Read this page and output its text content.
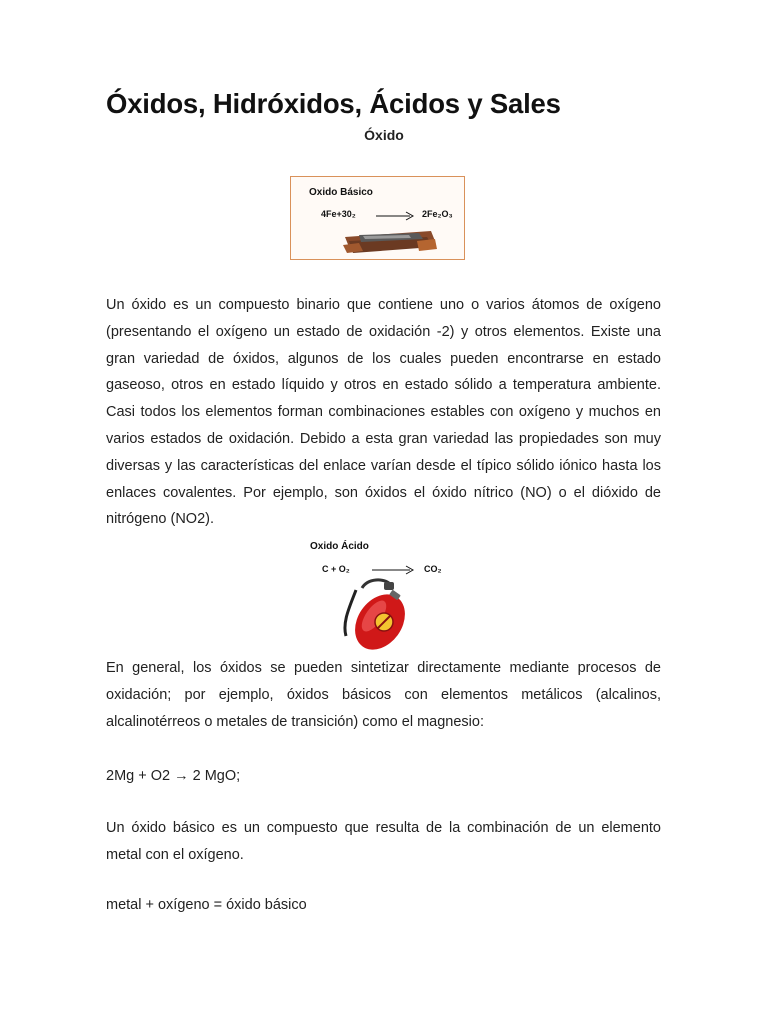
Óxidos, Hidróxidos, Ácidos y Sales
Óxido
Oxido Básico
4Fe+30₂ → 2Fe₂O₃

Un óxido es un compuesto binario que contiene uno o varios átomos de oxígeno (presentando el oxígeno un estado de oxidación -2) y otros elementos. Existe una gran variedad de óxidos, algunos de los cuales pueden encontrarse en estado gaseoso, otros en estado líquido y otros en estado sólido a temperatura ambiente. Casi todos los elementos forman combinaciones estables con oxígeno y muchos en varios estados de oxidación. Debido a esta gran variedad las propiedades son muy diversas y las características del enlace varían desde el típico sólido iónico hasta los enlaces covalentes. Por ejemplo, son óxidos el óxido nítrico (NO) o el dióxido de nitrógeno (NO2).

Oxido Ácido
C + O₂ → CO₂

En general, los óxidos se pueden sintetizar directamente mediante procesos de oxidación; por ejemplo, óxidos básicos con elementos metálicos (alcalinos, alcalinotérreos o metales de transición) como el magnesio:

2Mg + O2 → 2 MgO;

Un óxido básico es un compuesto que resulta de la combinación de un elemento metal con el oxígeno.

metal + oxígeno = óxido básico
